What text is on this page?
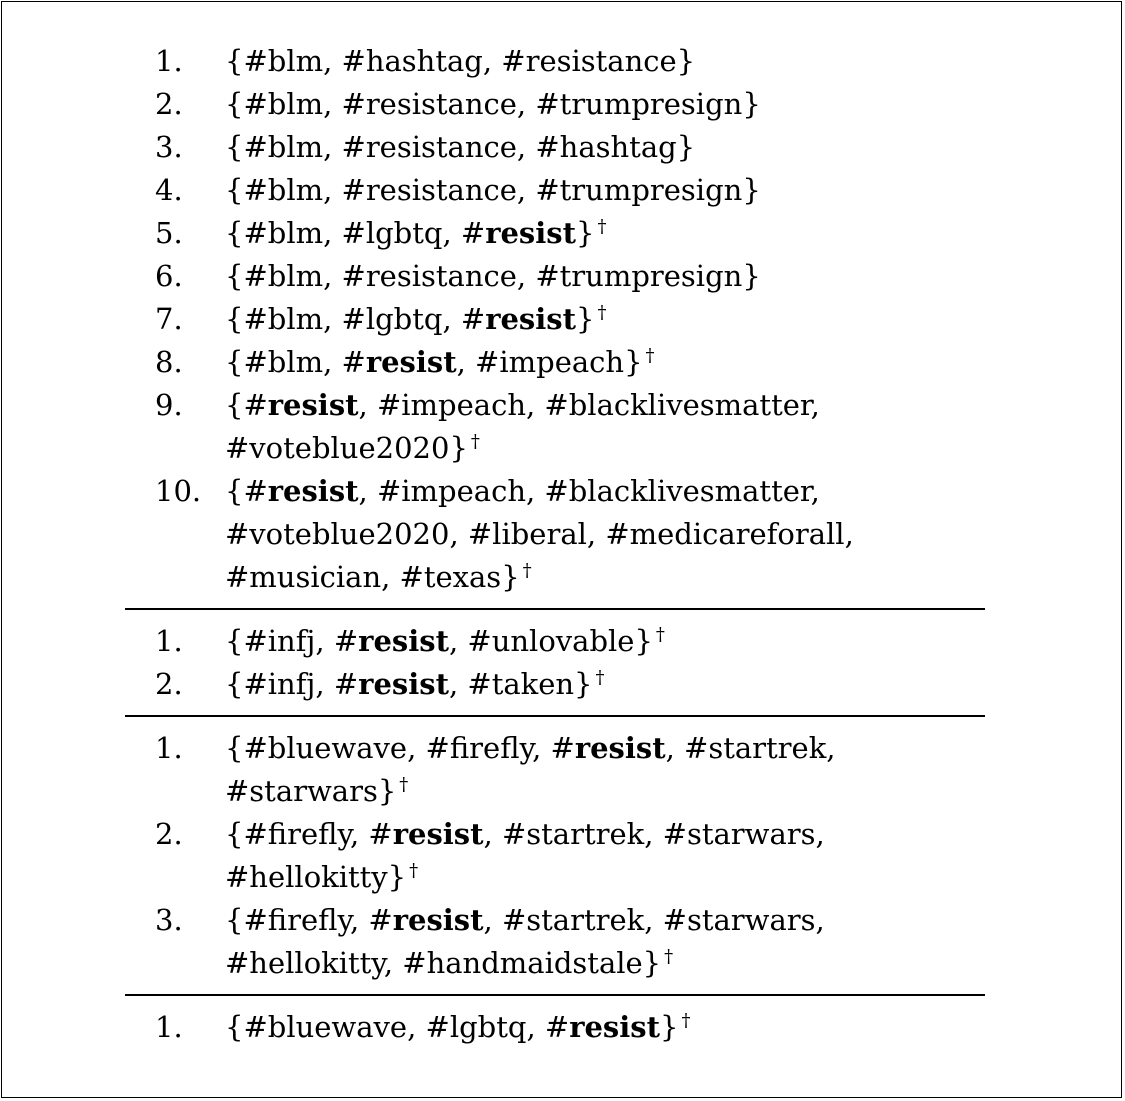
1.	{#blm, #hashtag, #resistance}
2.	{#blm, #resistance, #trumpresign}
3.	{#blm, #resistance, #hashtag}
4.	{#blm, #resistance, #trumpresign}
5.	{#blm, #lgbtq, #resist} †
6.	{#blm, #resistance, #trumpresign}
7.	{#blm, #lgbtq, #resist} †
8.	{#blm, #resist, #impeach} †
9.	{#resist, #impeach, #blacklivesmatter,
#voteblue2020} †
10. {#resist, #impeach, #blacklivesmatter,
#voteblue2020, #liberal, #medicareforall,
#musician, #texas} †
1.	{#infj, #resist, #unlovable} †
2.	{#infj, #resist, #taken} †
1.	{#bluewave, #firefly, #resist, #startrek,
#starwars} †
2.	{#firefly, #resist, #startrek, #starwars,
#hellokitty} †
3.	{#firefly, #resist, #startrek, #starwars,
#hellokitty, #handmaidstale} †
1.	{#bluewave, #lgbtq, #resist} †
